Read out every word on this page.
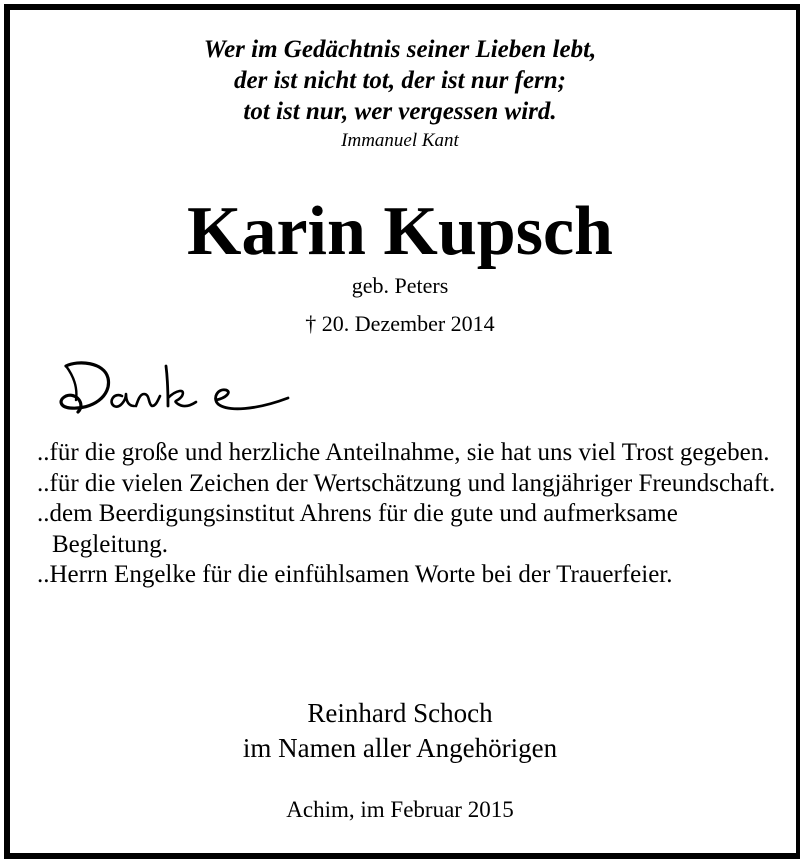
Wer im Gedächtnis seiner Lieben lebt,
der ist nicht tot, der ist nur fern;
tot ist nur, wer vergessen wird.
Immanuel Kant
Karin Kupsch
geb. Peters
† 20. Dezember 2014

..für die große und herzliche Anteilnahme, sie hat uns viel Trost gegeben.

..für die vielen Zeichen der Wertschätzung und langjähriger Freundschaft.

..dem Beerdigungsinstitut Ahrens für die gute und aufmerksame Begleitung.

..Herrn Engelke für die einfühlsamen Worte bei der Trauerfeier.

Reinhard Schoch
im Namen aller Angehörigen
Achim, im Februar 2015
